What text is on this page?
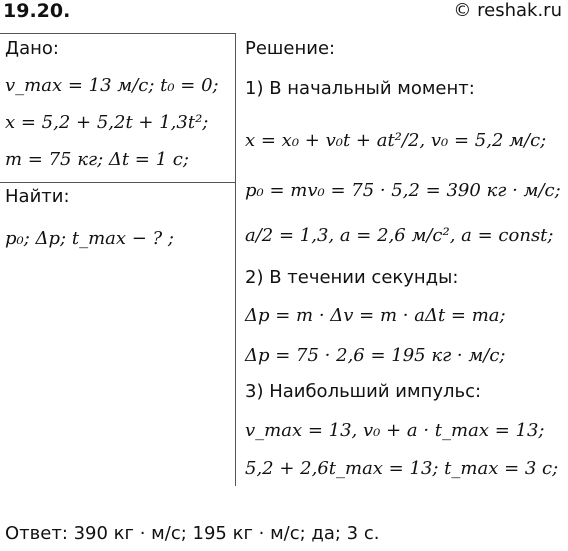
19.20.	© reshak.ru
Дано:
v_max = 13 м/с; t₀ = 0;
x = 5,2 + 5,2t + 1,3t²;
m = 75 кг; Δt = 1 с;
Найти:
p₀; Δp; t_max − ? ;
Решение:
1) В начальный момент:
x = x₀ + v₀t + at²/2, v₀ = 5,2 м/с;
p₀ = mv₀ = 75 · 5,2 = 390 кг · м/с;
a/2 = 1,3, a = 2,6 м/с², a = const;
2) В течении секунды:
Δp = m · Δv = m · aΔt = ma;
Δp = 75 · 2,6 = 195 кг · м/с;
3) Наибольший импульс:
v_max = 13, v₀ + a · t_max = 13;
5,2 + 2,6t_max = 13; t_max = 3 с;
Ответ: 390 кг · м/с; 195 кг · м/с; да; 3 с.
